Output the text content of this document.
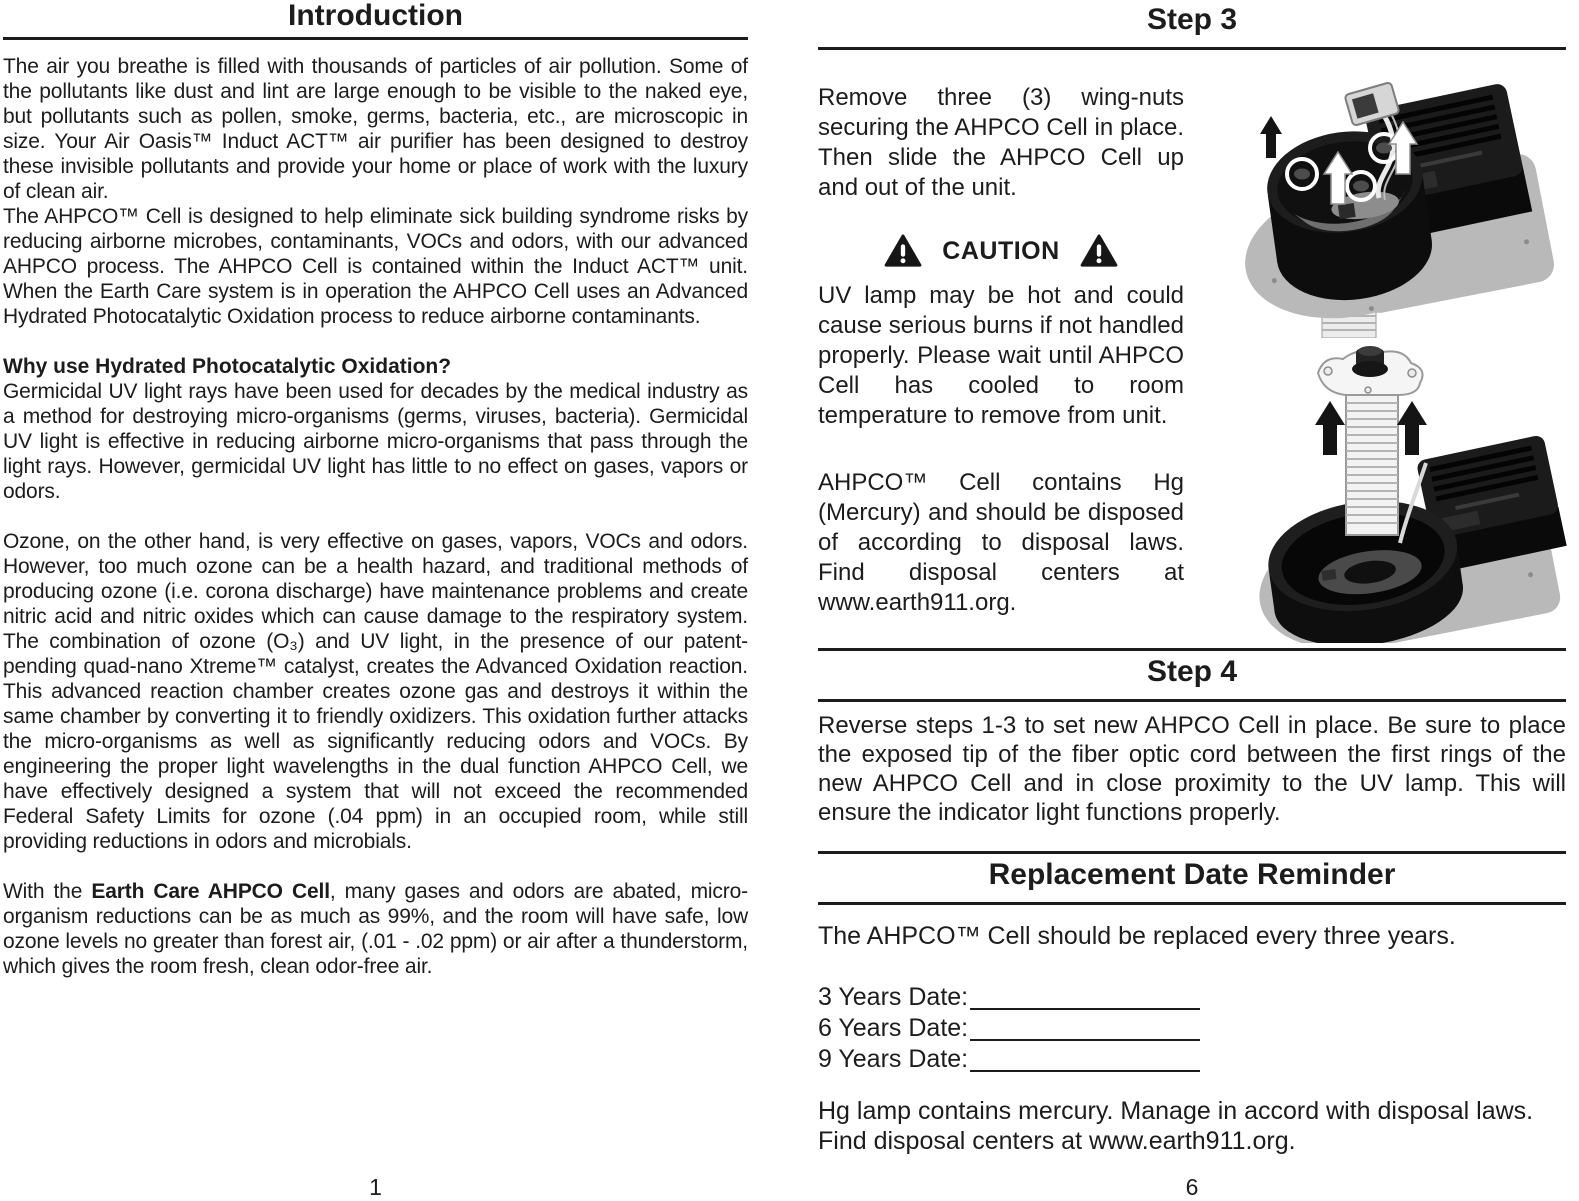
Introduction

The air you breathe is filled with thousands of particles of air pollution. Some of the pollutants like dust and lint are large enough to be visible to the naked eye, but pollutants such as pollen, smoke, germs, bacteria, etc., are microscopic in size. Your Air Oasis™ Induct ACT™ air purifier has been designed to destroy these invisible pollutants and provide your home or place of work with the luxury of clean air.

The AHPCO™ Cell is designed to help eliminate sick building syndrome risks by reducing airborne microbes, contaminants, VOCs and odors, with our advanced AHPCO process. The AHPCO Cell is contained within the Induct ACT™ unit. When the Earth Care system is in operation the AHPCO Cell uses an Advanced Hydrated Photocatalytic Oxidation process to reduce airborne contaminants.

Why use Hydrated Photocatalytic Oxidation?

Germicidal UV light rays have been used for decades by the medical industry as a method for destroying micro-organisms (germs, viruses, bacteria). Germicidal UV light is effective in reducing airborne micro-organisms that pass through the light rays. However, germicidal UV light has little to no effect on gases, vapors or odors.

Ozone, on the other hand, is very effective on gases, vapors, VOCs and odors. However, too much ozone can be a health hazard, and traditional methods of producing ozone (i.e. corona discharge) have maintenance problems and create nitric acid and nitric oxides which can cause damage to the respiratory system. The combination of ozone (O₃) and UV light, in the presence of our patent-pending quad-nano Xtreme™ catalyst, creates the Advanced Oxidation reaction. This advanced reaction chamber creates ozone gas and destroys it within the same chamber by converting it to friendly oxidizers. This oxidation further attacks the micro-organisms as well as significantly reducing odors and VOCs. By engineering the proper light wavelengths in the dual function AHPCO Cell, we have effectively designed a system that will not exceed the recommended Federal Safety Limits for ozone (.04 ppm) in an occupied room, while still providing reductions in odors and microbials.

With the Earth Care AHPCO Cell, many gases and odors are abated, micro-organism reductions can be as much as 99%, and the room will have safe, low ozone levels no greater than forest air, (.01 - .02 ppm) or air after a thunderstorm, which gives the room fresh, clean odor-free air.

1
Step 3

Remove three (3) wing-nuts securing the AHPCO Cell in place. Then slide the AHPCO Cell up and out of the unit.

CAUTION

UV lamp may be hot and could cause serious burns if not handled properly. Please wait until AHPCO Cell has cooled to room temperature to remove from unit.

AHPCO™ Cell contains Hg (Mercury) and should be disposed of according to disposal laws. Find disposal centers at www.earth911.org.

Step 4

Reverse steps 1-3 to set new AHPCO Cell in place. Be sure to place the exposed tip of the fiber optic cord between the first rings of the new AHPCO Cell and in close proximity to the UV lamp. This will ensure the indicator light functions properly.

Replacement Date Reminder

The AHPCO™ Cell should be replaced every three years.

3 Years Date:
6 Years Date:
9 Years Date:
Hg lamp contains mercury. Manage in accord with disposal laws.
Find disposal centers at www.earth911.org.
6
